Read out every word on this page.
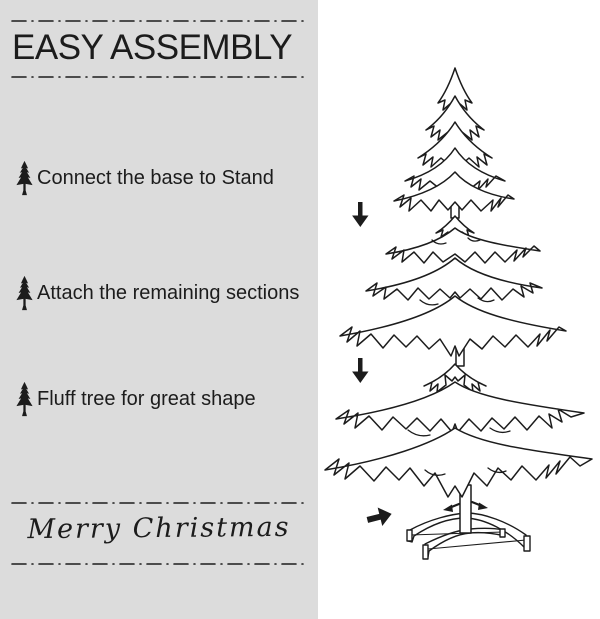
EASY ASSEMBLY
Connect the base to Stand
Attach the remaining sections
Fluff tree for great shape
Merry Christmas
